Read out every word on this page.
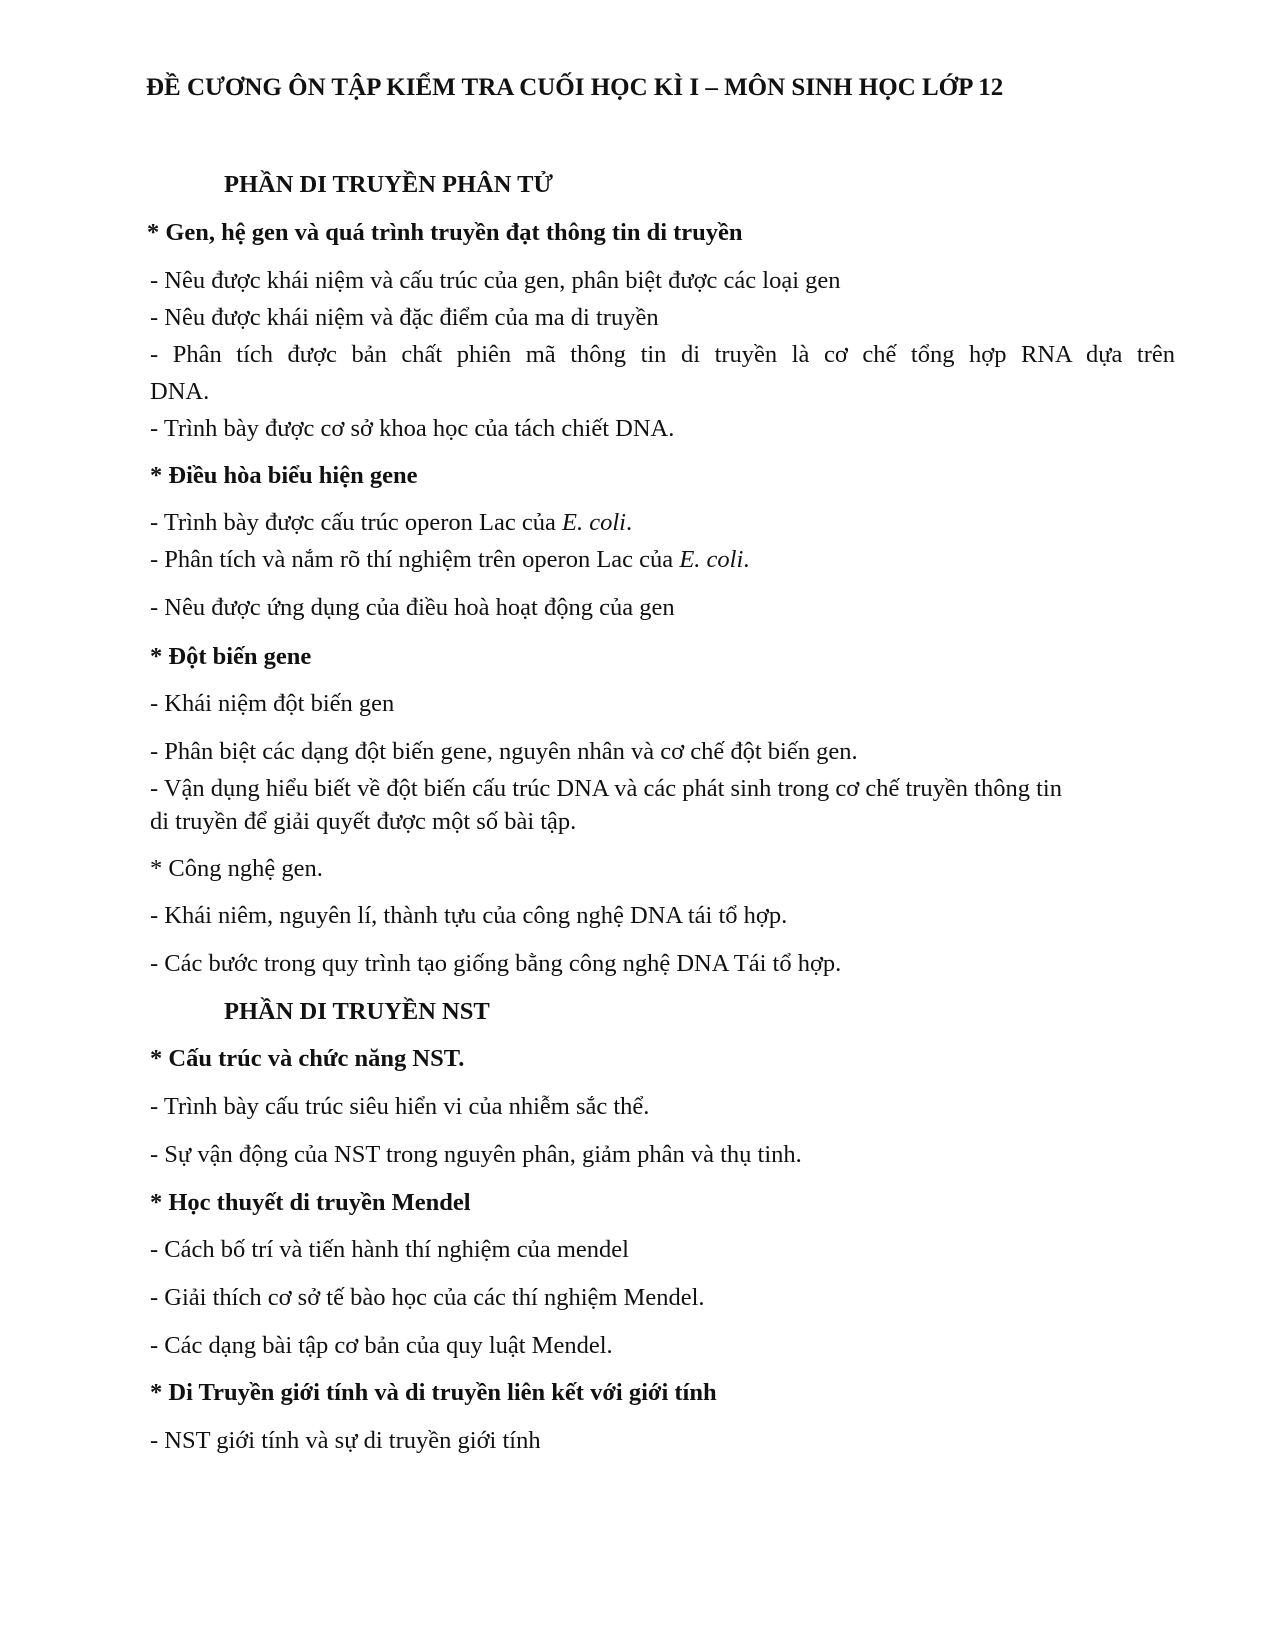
ĐỀ CƯƠNG ÔN TẬP KIỂM TRA CUỐI HỌC KÌ I – MÔN SINH HỌC LỚP 12
PHẦN DI TRUYỀN PHÂN TỬ
* Gen, hệ gen và quá trình truyền đạt thông tin di truyền
- Nêu được khái niệm và cấu trúc của gen, phân biệt được các loại gen
- Nêu được khái niệm và đặc điểm của ma di truyền
- Phân tích được bản chất phiên mã thông tin di truyền là cơ chế tổng hợp RNA dựa trên
DNA.
- Trình bày được cơ sở khoa học của tách chiết DNA.
* Điều hòa biểu hiện gene
- Trình bày được cấu trúc operon Lac của E. coli.
- Phân tích và nắm rõ thí nghiệm trên operon Lac của E. coli.
- Nêu được ứng dụng của điều hoà hoạt động của gen
* Đột biến gene
- Khái niệm đột biến gen
- Phân biệt các dạng đột biến gene, nguyên nhân và cơ chế đột biến gen.
- Vận dụng hiểu biết về đột biến cấu trúc DNA và các phát sinh trong cơ chế truyền thông tin
di truyền để giải quyết được một số bài tập.
* Công nghệ gen.
- Khái niêm, nguyên lí, thành tựu của công nghệ DNA tái tổ hợp.
- Các bước trong quy trình tạo giống bằng công nghệ DNA Tái tổ hợp.
PHẦN DI TRUYỀN NST
* Cấu trúc và chức năng NST.
- Trình bày cấu trúc siêu hiển vi của nhiễm sắc thể.
- Sự vận động của NST trong nguyên phân, giảm phân và thụ tinh.
* Học thuyết di truyền Mendel
- Cách bố trí và tiến hành thí nghiệm của mendel
- Giải thích cơ sở tế bào học của các thí nghiệm Mendel.
- Các dạng bài tập cơ bản của quy luật Mendel.
* Di Truyền giới tính và di truyền liên kết với giới tính
- NST giới tính và sự di truyền giới tính
